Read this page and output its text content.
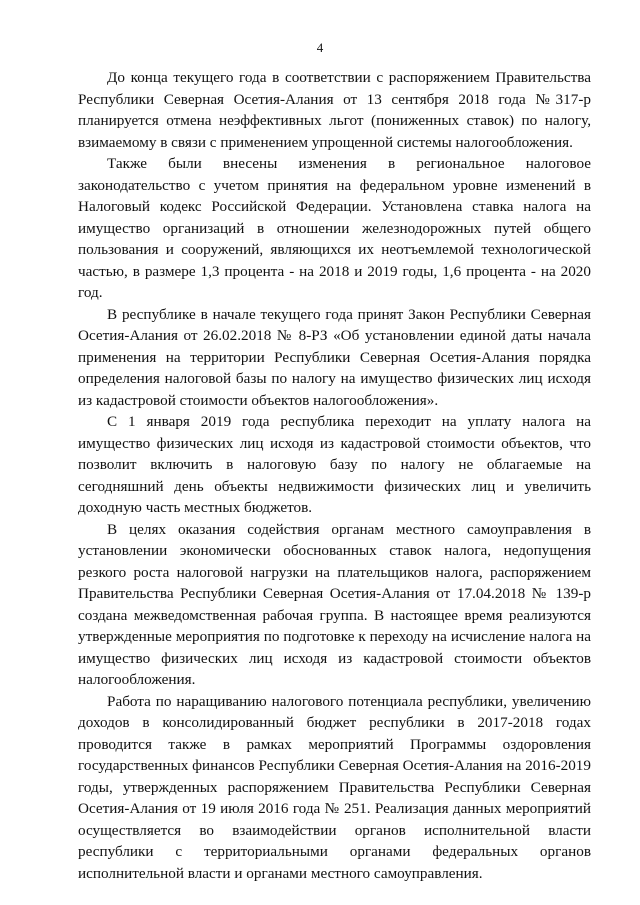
4

До конца текущего года в соответствии с распоряжением Правительства Республики Северная Осетия-Алания от 13 сентября 2018 года №317-р планируется отмена неэффективных льгот (пониженных ставок) по налогу, взимаемому в связи с применением упрощенной системы налогообложения.

Также были внесены изменения в региональное налоговое законодательство с учетом принятия на федеральном уровне изменений в Налоговый кодекс Российской Федерации. Установлена ставка налога на имущество организаций в отношении железнодорожных путей общего пользования и сооружений, являющихся их неотъемлемой технологической частью, в размере 1,3 процента - на 2018 и 2019 годы, 1,6 процента - на 2020 год.

В республике в начале текущего года принят Закон Республики Северная Осетия-Алания от 26.02.2018 № 8-РЗ «Об установлении единой даты начала применения на территории Республики Северная Осетия-Алания порядка определения налоговой базы по налогу на имущество физических лиц исходя из кадастровой стоимости объектов налогообложения».

С 1 января 2019 года республика переходит на уплату налога на имущество физических лиц исходя из кадастровой стоимости объектов, что позволит включить в налоговую базу по налогу не облагаемые на сегодняшний день объекты недвижимости физических лиц и увеличить доходную часть местных бюджетов.

В целях оказания содействия органам местного самоуправления в установлении экономически обоснованных ставок налога, недопущения резкого роста налоговой нагрузки на плательщиков налога, распоряжением Правительства Республики Северная Осетия-Алания от 17.04.2018 № 139-р создана межведомственная рабочая группа. В настоящее время реализуются утвержденные мероприятия по подготовке к переходу на исчисление налога на имущество физических лиц исходя из кадастровой стоимости объектов налогообложения.

Работа по наращиванию налогового потенциала республики, увеличению доходов в консолидированный бюджет республики в 2017-2018 годах проводится также в рамках мероприятий Программы оздоровления государственных финансов Республики Северная Осетия-Алания на 2016-2019 годы, утвержденных распоряжением Правительства Республики Северная Осетия-Алания от 19 июля 2016 года № 251. Реализация данных мероприятий осуществляется во взаимодействии органов исполнительной власти республики с территориальными органами федеральных органов исполнительной власти и органами местного самоуправления.
